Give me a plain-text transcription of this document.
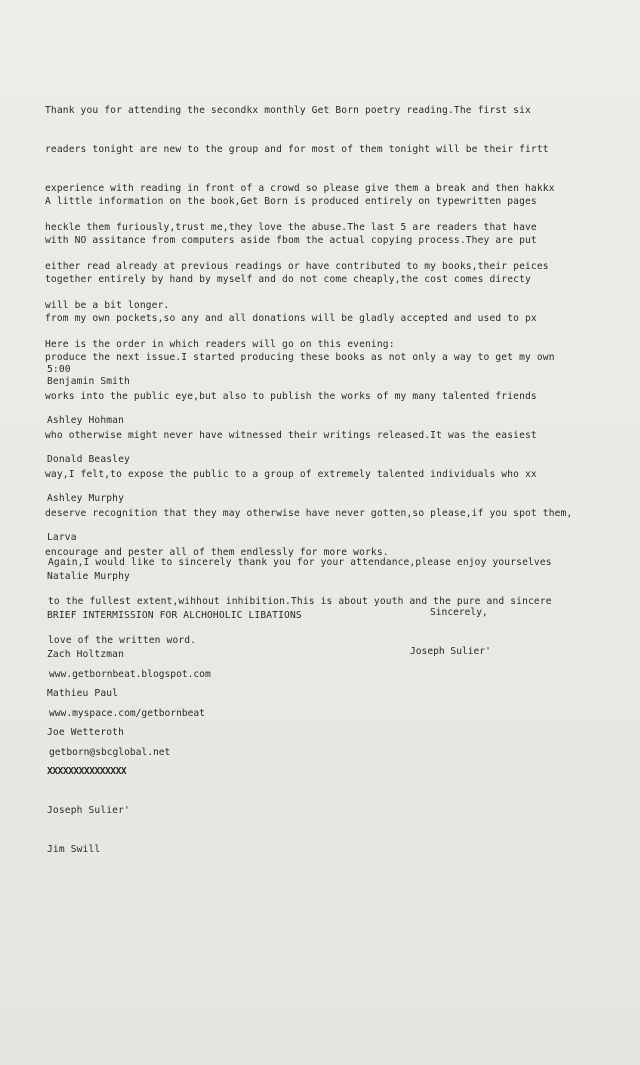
Thank you for attending the secondkx monthly Get Born poetry reading.The first six

readers tonight are new to the group and for most of them tonight will be their firtt

experience with reading in front of a crowd so please give them a break and then hakkx

heckle them furiously,trust me,they love the abuse.The last 5 are readers that have

either read already at previous readings or have contributed to my books,their peices

will be a bit longer.

A little information on the book,Get Born is produced entirely on typewritten pages

with NO assitance from computers aside fbom the actual copying process.They are put

together entirely by hand by myself and do not come cheaply,the cost comes directy

from my own pockets,so any and all donations will be gladly accepted and used to px

produce the next issue.I started producing these books as not only a way to get my own

works into the public eye,but also to publish the works of my many talented friends

who otherwise might never have witnessed their writings released.It was the easiest

way,I felt,to expose the public to a group of extremely talented individuals who xx

deserve recognition that they may otherwise have never gotten,so please,if you spot them,

encourage and pester all of them endlessly for more works.

Here is the order in which readers will go on this evening:

5:00

Benjamin Smith

Ashley Hohman

Donald Beasley

Ashley Murphy

Larva

Natalie Murphy

BRIEF INTERMISSION FOR ALCHOHOLIC LIBATIONS

Zach Holtzman

Mathieu Paul

Joe Wetteroth

XXXXXXXXXXXXXXX

Joseph Sulier'

Jim Swill

Again,I would like to sincerely thank you for your attendance,please enjoy yourselves

to the fullest extent,wihhout inhibition.This is about youth and the pure and sincere

love of the written word.

Sincerely,

Joseph Sulier'

www.getbornbeat.blogspot.com

www.myspace.com/getbornbeat

getborn@sbcglobal.net
